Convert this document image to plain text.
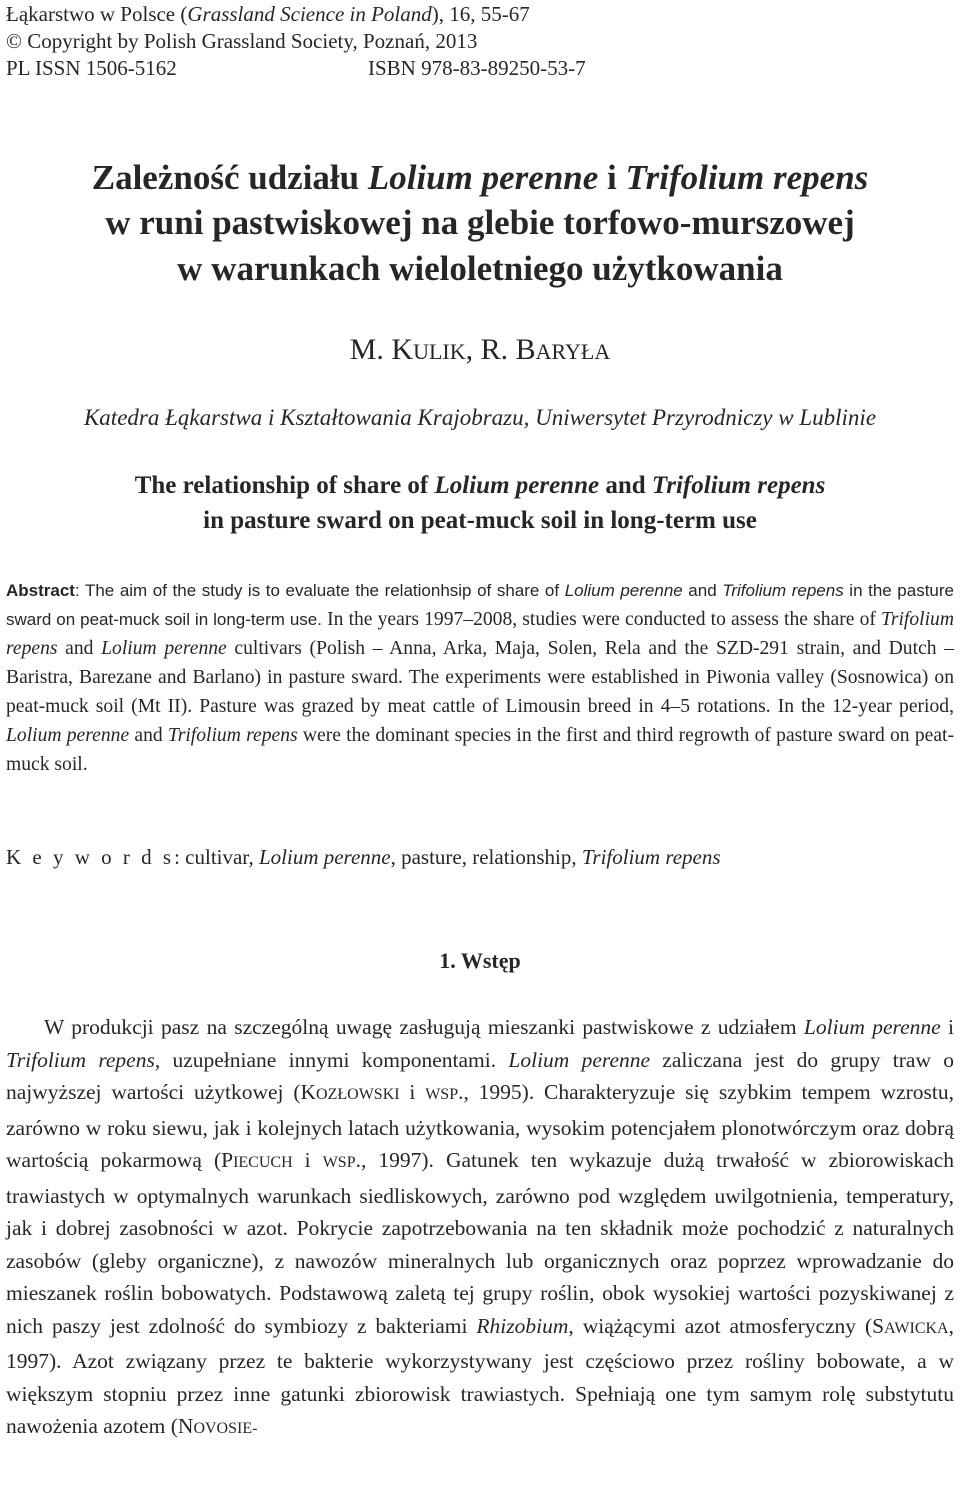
Łąkarstwo w Polsce (Grassland Science in Poland), 16, 55-67
© Copyright by Polish Grassland Society, Poznań, 2013
PL ISSN 1506-5162	ISBN 978-83-89250-53-7
Zależność udziału Lolium perenne i Trifolium repens
w runi pastwiskowej na glebie torfowo-murszowej
w warunkach wieloletniego użytkowania
M. KULIK, R. BARYŁA
Katedra Łąkarstwa i Kształtowania Krajobrazu, Uniwersytet Przyrodniczy w Lublinie
The relationship of share of Lolium perenne and Trifolium repens
in pasture sward on peat-muck soil in long-term use
Abstract: The aim of the study is to evaluate the relationhsip of share of Lolium perenne and Trifolium repens in the pasture sward on peat-muck soil in long-term use. In the years 1997–2008, studies were conducted to assess the share of Trifolium repens and Lolium perenne cultivars (Polish – Anna, Arka, Maja, Solen, Rela and the SZD-291 strain, and Dutch – Baristra, Barezane and Barlano) in pasture sward. The experiments were established in Piwonia valley (Sosnowica) on peat-muck soil (Mt II). Pasture was grazed by meat cattle of Limousin breed in 4–5 rotations. In the 12-year period, Lolium perenne and Trifolium repens were the dominant species in the first and third regrowth of pasture sward on peat-muck soil.
K e y w o r d s: cultivar, Lolium perenne, pasture, relationship, Trifolium repens
1. Wstęp

W produkcji pasz na szczególną uwagę zasługują mieszanki pastwiskowe z udziałem Lolium perenne i Trifolium repens, uzupełniane innymi komponentami. Lolium perenne zaliczana jest do grupy traw o najwyższej wartości użytkowej (KOZŁOWSKI i WSP., 1995). Charakteryzuje się szybkim tempem wzrostu, zarówno w roku siewu, jak i kolejnych latach użytkowania, wysokim potencjałem plonotwórczym oraz dobrą wartością pokarmową (PIECUCH i WSP., 1997). Gatunek ten wykazuje dużą trwałość w zbiorowiskach trawiastych w optymalnych warunkach siedliskowych, zarówno pod względem uwilgotnienia, temperatury, jak i dobrej zasobności w azot. Pokrycie zapotrzebowania na ten składnik może pochodzić z naturalnych zasobów (gleby organiczne), z nawozów mineralnych lub organicznych oraz poprzez wprowadzanie do mieszanek roślin bobowatych. Podstawową zaletą tej grupy roślin, obok wysokiej wartości pozyskiwanej z nich paszy jest zdolność do symbiozy z bakteriami Rhizobium, wiążącymi azot atmosferyczny (SAWICKA, 1997). Azot związany przez te bakterie wykorzystywany jest częściowo przez rośliny bobowate, a w większym stopniu przez inne gatunki zbiorowisk trawiastych. Spełniają one tym samym rolę substytutu nawożenia azotem (NOVOSIE-
